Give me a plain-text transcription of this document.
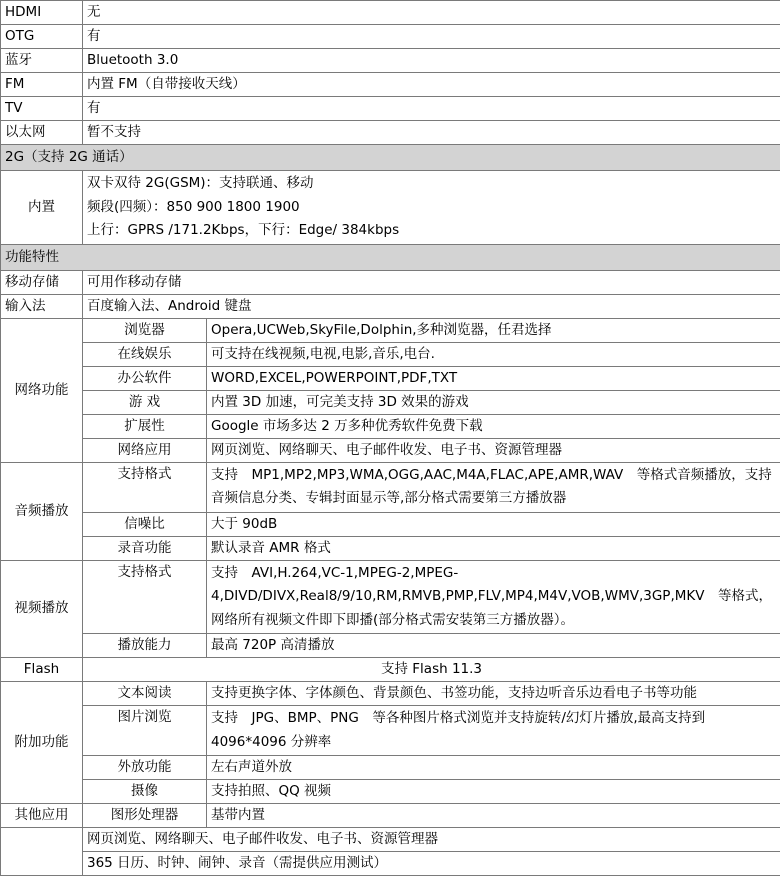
HDMI	无	
OTG	有	
蓝牙	Bluetooth 3.0	
FM	内置 FM（自带接收天线）	
TV	有	
以太网	暂不支持	
2G（支持 2G 通话）		
内置	双卡双待 2G(GSM)：支持联通、移动
频段(四频）：850 900 1800 1900
上行：GPRS /171.2Kbps，下行：Edge/ 384kbps	

功能特性		
移动存储	可用作移动存储	
输入法	百度输入法、Android 键盘	
网络功能	浏览器	Opera,UCWeb,SkyFile,Dolphin,多种浏览器，任君选择
	在线娱乐	可支持在线视频,电视,电影,音乐,电台.
	办公软件	WORD,EXCEL,POWERPOINT,PDF,TXT
	游 戏	内置 3D 加速，可完美支持 3D 效果的游戏
	扩展性	Google 市场多达 2 万多种优秀软件免费下载
	网络应用	网页浏览、网络聊天、电子邮件收发、电子书、资源管理器
音频播放	支持格式	支持　MP1,MP2,MP3,WMA,OGG,AAC,M4A,FLAC,APE,AMR,WAV　等格式音频播放，支持
音频信息分类、专辑封面显示等,部分格式需要第三方播放器

	信噪比	大于 90dB
	录音功能	默认录音 AMR 格式
视频播放	支持格式	支持　AVI,H.264,VC-1,MPEG-2,MPEG-
4,DIVD/DIVX,Real8/9/10,RM,RMVB,PMP,FLV,MP4,M4V,VOB,WMV,3GP,MKV　等格式，
网络所有视频文件即下即播(部分格式需安装第三方播放器）。

	播放能力	最高 720P 高清播放
Flash	支持 Flash 11.3	
附加功能	文本阅读	支持更换字体、字体颜色、背景颜色、书签功能，支持边听音乐边看电子书等功能
	图片浏览	支持　JPG、BMP、PNG　等各种图片格式浏览并支持旋转/幻灯片播放,最高支持到
4096*4096 分辨率

	外放功能	左右声道外放
	摄像	支持拍照、QQ 视频
其他应用	图形处理器	基带内置
	网页浏览、网络聊天、电子邮件收发、电子书、资源管理器	
	365 日历、时钟、闹钟、录音（需提供应用测试）	
